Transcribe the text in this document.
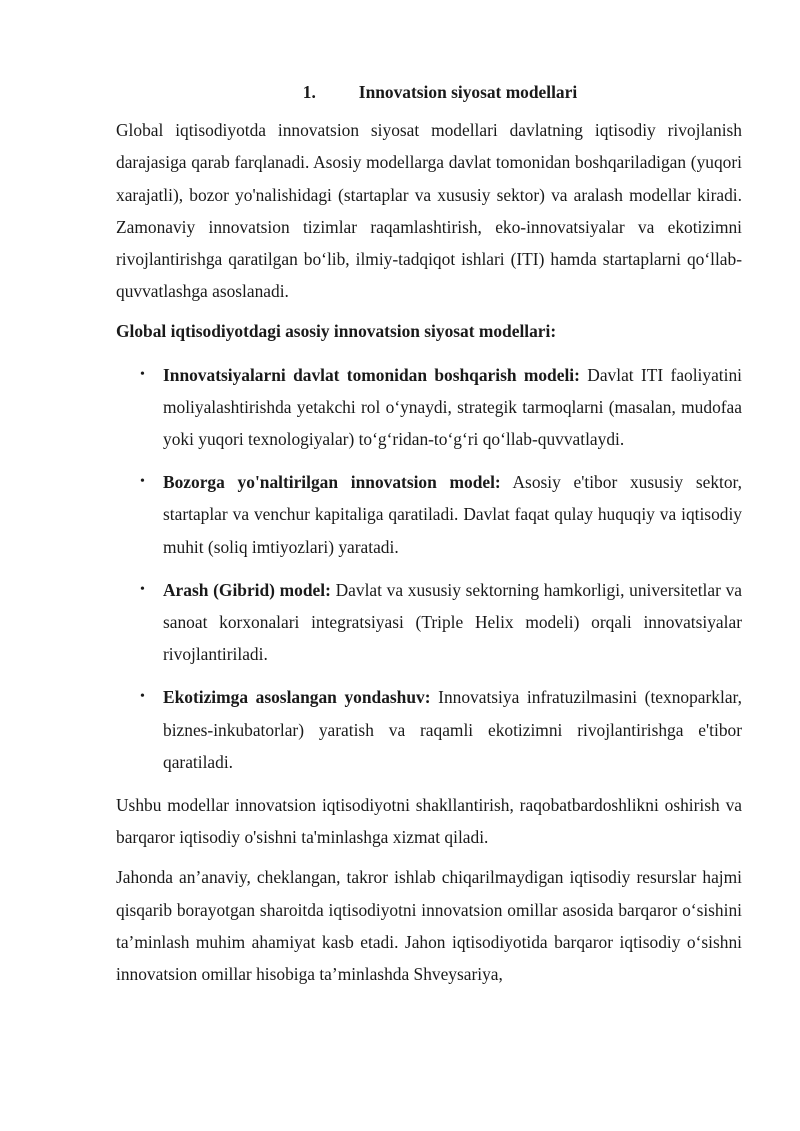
1. Innovatsion siyosat modellari

Global iqtisodiyotda innovatsion siyosat modellari davlatning iqtisodiy rivojlanish darajasiga qarab farqlanadi. Asosiy modellarga davlat tomonidan boshqariladigan (yuqori xarajatli), bozor yo'nalishidagi (startaplar va xususiy sektor) va aralash modellar kiradi. Zamonaviy innovatsion tizimlar raqamlashtirish, eko-innovatsiyalar va ekotizimni rivojlantirishga qaratilgan boʻlib, ilmiy-tadqiqot ishlari (ITI) hamda startaplarni qoʻllab-quvvatlashga asoslanadi.

Global iqtisodiyotdagi asosiy innovatsion siyosat modellari:

• Innovatsiyalarni davlat tomonidan boshqarish modeli: Davlat ITI faoliyatini moliyalashtirishda yetakchi rol oʻynaydi, strategik tarmoqlarni (masalan, mudofaa yoki yuqori texnologiyalar) toʻgʻridan-toʻgʻri qoʻllab-quvvatlaydi.
• Bozorga yo'naltirilgan innovatsion model: Asosiy e'tibor xususiy sektor, startaplar va venchur kapitaliga qaratiladi. Davlat faqat qulay huquqiy va iqtisodiy muhit (soliq imtiyozlari) yaratadi.
• Arash (Gibrid) model: Davlat va xususiy sektorning hamkorligi, universitetlar va sanoat korxonalari integratsiyasi (Triple Helix modeli) orqali innovatsiyalar rivojlantiriladi.
• Ekotizimga asoslangan yondashuv: Innovatsiya infratuzilmasini (texnoparklar, biznes-inkubatorlar) yaratish va raqamli ekotizimni rivojlantirishga e'tibor qaratiladi.

Ushbu modellar innovatsion iqtisodiyotni shakllantirish, raqobatbardoshlikni oshirish va barqaror iqtisodiy o'sishni ta'minlashga xizmat qiladi.

Jahonda an’anaviy, cheklangan, takror ishlab chiqarilmaydigan iqtisodiy resurslar hajmi qisqarib borayotgan sharoitda iqtisodiyotni innovatsion omillar asosida barqaror oʻsishini ta’minlash muhim ahamiyat kasb etadi. Jahon iqtisodiyotida barqaror iqtisodiy oʻsishni innovatsion omillar hisobiga ta’minlashda Shveysariya,
